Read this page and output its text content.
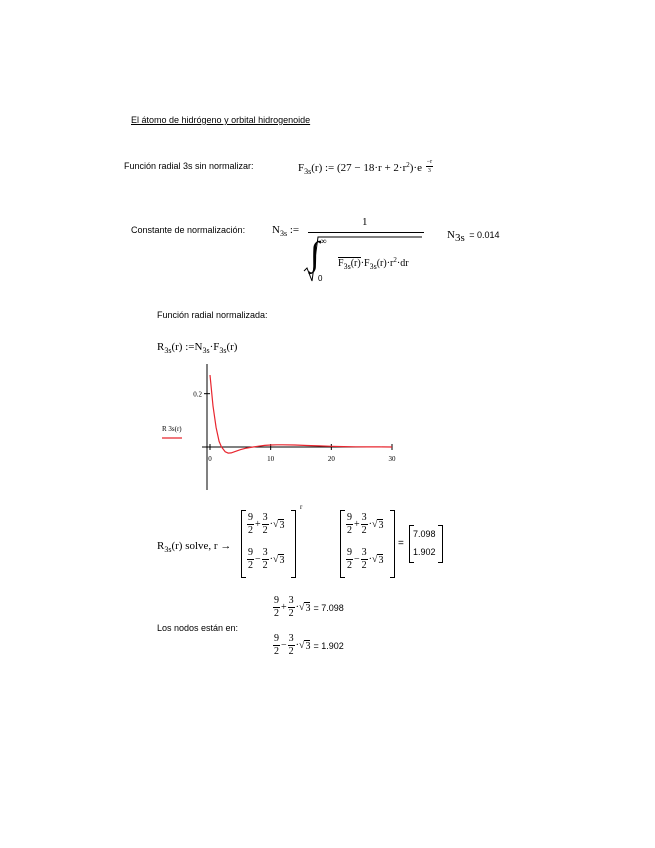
El átomo de hidrógeno y orbital hidrogenoide
Función radial 3s sin normalizar:	$F_{3s}(r)$ := $(27 - 18\cdot r + 2\cdot r^2)\cdot e \frac{-r}{3}$
Constante de normalización: $N_{3s}$ :=
1
∫ ∞
0
$F_{3s}(r)\cdot F_{3s}(r)\cdot r^2\cdot dr$
$N_{3s} = 0.014$
Función radial normalizada:
$R_{3s}(r)$ $:=N_{3s}\cdot F_{3s}(r)$
0	10	20	30
0.2
R 3s(r)
$R_{3s}(r)$ solve, r →
r
$\frac{9}{2} + \frac{3}{2}$ ·√ 3
$\frac{9}{2} - \frac{3}{2}$ ·√ 3
$\frac{9}{2} + \frac{3}{2}$ ·√ 3
$\frac{9}{2} - \frac{3}{2}$ ·√ 3
=
7.098
1.902
Los nodos están en:
$\frac{9}{2} + \frac{3}{2}$ ·√ 3 = 7.098
$\frac{9}{2} - \frac{3}{2}$ ·√ 3 = 1.902
